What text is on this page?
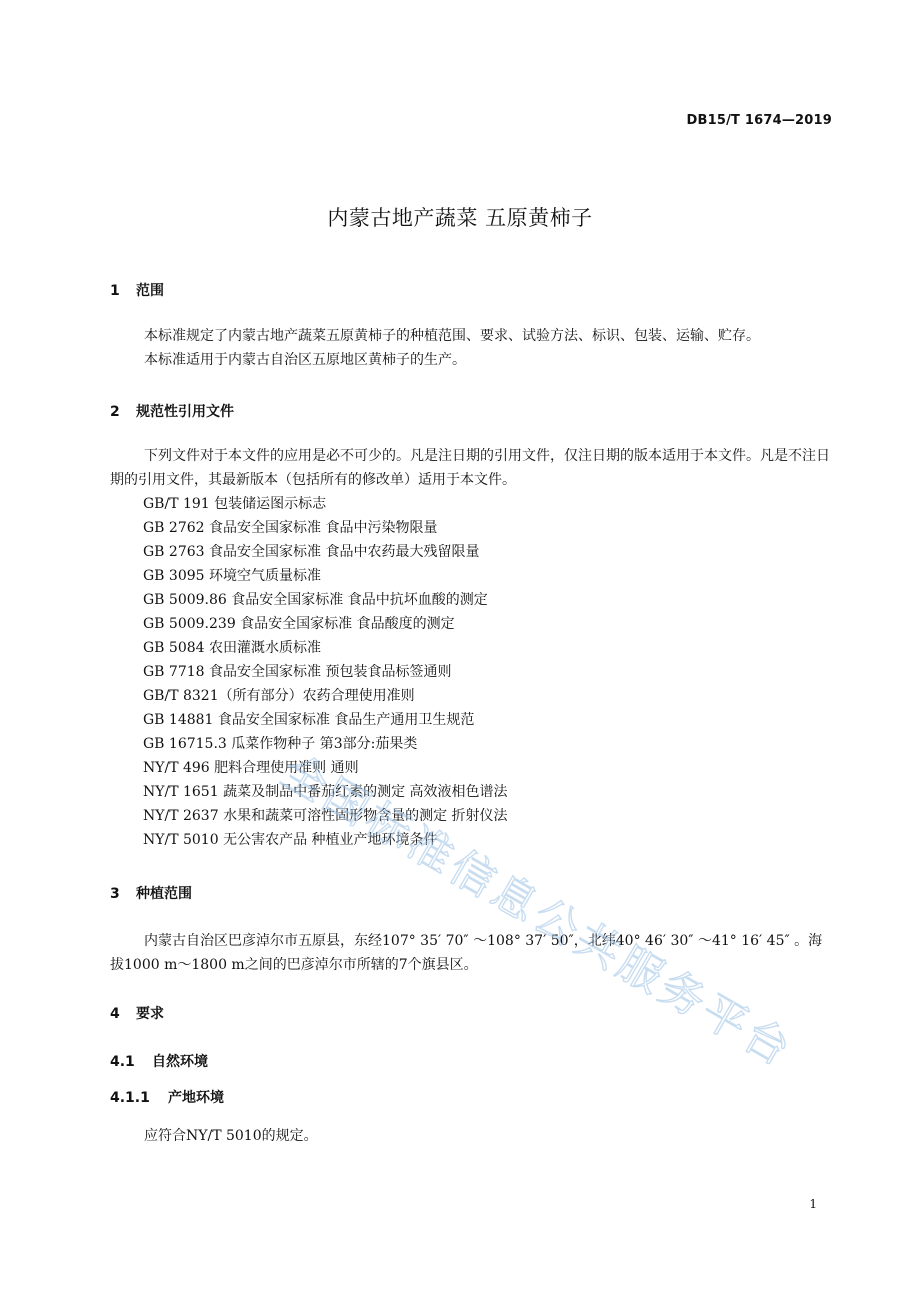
DB15/T 1674—2019
内蒙古地产蔬菜 五原黄柿子
1 范围
本标准规定了内蒙古地产蔬菜五原黄柿子的种植范围、要求、试验方法、标识、包装、运输、贮存。
本标准适用于内蒙古自治区五原地区黄柿子的生产。
2 规范性引用文件
下列文件对于本文件的应用是必不可少的。凡是注日期的引用文件，仅注日期的版本适用于本文件。凡是不注日期的引用文件，其最新版本（包括所有的修改单）适用于本文件。
GB/T 191 包装储运图示标志
GB 2762 食品安全国家标准 食品中污染物限量
GB 2763 食品安全国家标准 食品中农药最大残留限量
GB 3095 环境空气质量标准
GB 5009.86 食品安全国家标准 食品中抗坏血酸的测定
GB 5009.239 食品安全国家标准 食品酸度的测定
GB 5084 农田灌溉水质标准
GB 7718 食品安全国家标准 预包装食品标签通则
GB/T 8321（所有部分）农药合理使用准则
GB 14881 食品安全国家标准 食品生产通用卫生规范
GB 16715.3 瓜菜作物种子 第3部分:茄果类
NY/T 496 肥料合理使用准则 通则
NY/T 1651 蔬菜及制品中番茄红素的测定 高效液相色谱法
NY/T 2637 水果和蔬菜可溶性固形物含量的测定 折射仪法
NY/T 5010 无公害农产品 种植业产地环境条件
3 种植范围
内蒙古自治区巴彦淖尔市五原县，东经107° 35′ 70″ ～108° 37′ 50″，北纬40° 46′ 30″ ～41° 16′ 45″ 。海拔1000 m～1800 m之间的巴彦淖尔市所辖的7个旗县区。
4 要求
4.1 自然环境
4.1.1 产地环境
应符合NY/T 5010的规定。
1
全
国
标
准
信
息
公
共
服
务
平
台
